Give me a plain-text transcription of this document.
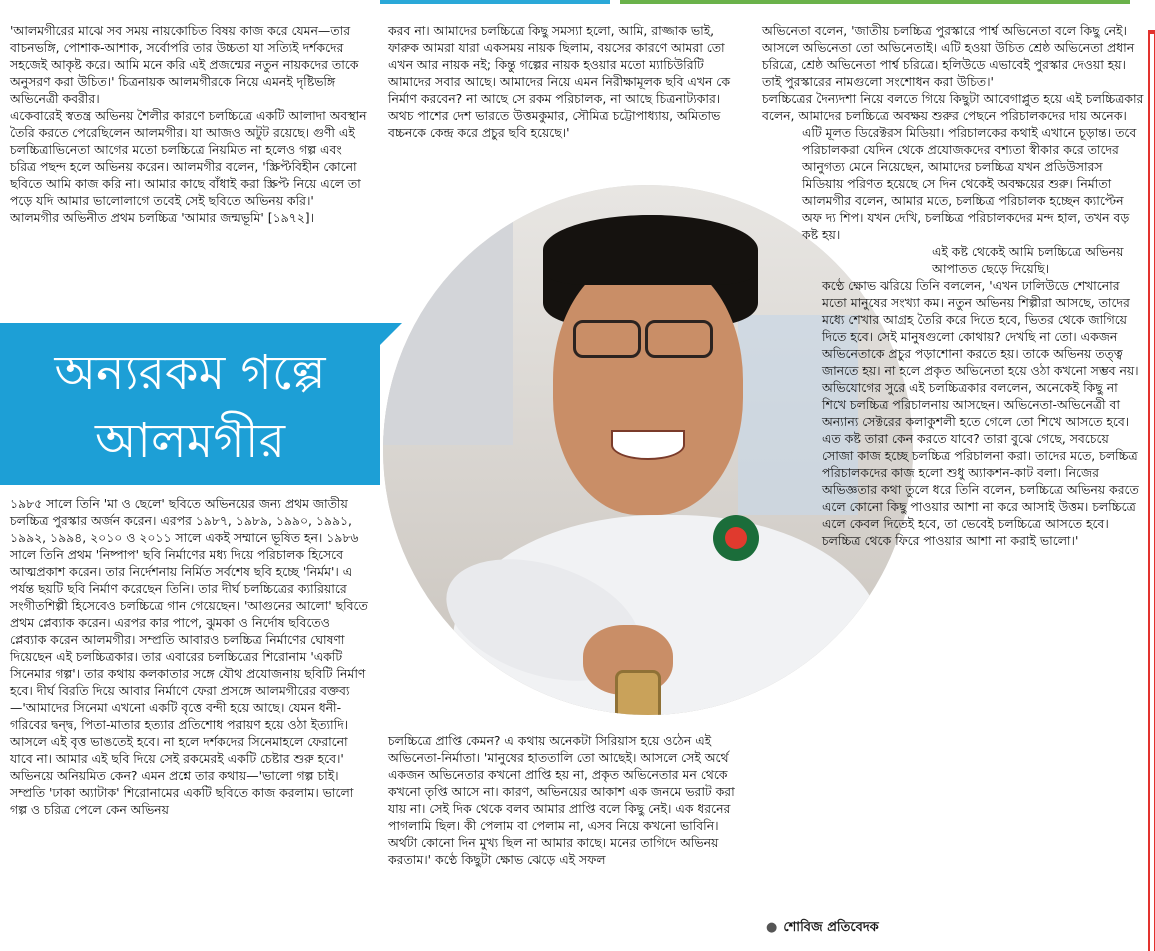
'আলমগীরের মাঝে সব সময় নায়কোচিত বিষয় কাজ করে যেমন—তার বাচনভঙ্গি, পোশাক-আশাক, সর্বোপরি তার উচ্চতা যা সত্যিই দর্শকদের সহজেই আকৃষ্ট করে। আমি মনে করি এই প্রজন্মের নতুন নায়কদের তাকে অনুসরণ করা উচিত।' চিত্রনায়ক আলমগীরকে নিয়ে এমনই দৃষ্টিভঙ্গি অভিনেত্রী কবরীর।

একেবারেই স্বতন্ত্র অভিনয় শৈলীর কারণে চলচ্চিত্রে একটি আলাদা অবস্থান তৈরি করতে পেরেছিলেন আলমগীর। যা আজও অটুট রয়েছে। গুণী এই চলচ্চিত্রাভিনেতা আগের মতো চলচ্চিত্রে নিয়মিত না হলেও গল্প এবং চরিত্র পছন্দ হলে অভিনয় করেন। আলমগীর বলেন, 'স্ক্রিপ্টবিহীন কোনো ছবিতে আমি কাজ করি না। আমার কাছে বাঁধাই করা স্ক্রিপ্ট নিয়ে এলে তা পড়ে যদি আমার ভালোলাগে তবেই সেই ছবিতে অভিনয় করি।'

আলমগীর অভিনীত প্রথম চলচ্চিত্র 'আমার জন্মভূমি' [১৯৭২]।

অন্যরকম গল্পে
আলমগীর

১৯৮৫ সালে তিনি 'মা ও ছেলে' ছবিতে অভিনয়ের জন্য প্রথম জাতীয় চলচ্চিত্র পুরস্কার অর্জন করেন। এরপর ১৯৮৭, ১৯৮৯, ১৯৯০, ১৯৯১, ১৯৯২, ১৯৯৪, ২০১০ ও ২০১১ সালে একই সম্মানে ভূষিত হন। ১৯৮৬ সালে তিনি প্রথম 'নিষ্পাপ' ছবি নির্মাণের মধ্য দিয়ে পরিচালক হিসেবে আত্মপ্রকাশ করেন। তার নির্দেশনায় নির্মিত সর্বশেষ ছবি হচ্ছে 'নির্মম'। এ পর্যন্ত ছয়টি ছবি নির্মাণ করেছেন তিনি। তার দীর্ঘ চলচ্চিত্রের ক্যারিয়ারে সংগীতশিল্পী হিসেবেও চলচ্চিত্রে গান গেয়েছেন। 'আগুনের আলো' ছবিতে প্রথম প্লেব্যাক করেন। এরপর কার পাপে, ঝুমকা ও নির্দোষ ছবিতেও প্লেব্যাক করেন আলমগীর। সম্প্রতি আবারও চলচ্চিত্র নির্মাণের ঘোষণা দিয়েছেন এই চলচ্চিত্রকার। তার এবারের চলচ্চিত্রের শিরোনাম 'একটি সিনেমার গল্প'। তার কথায় কলকাতার সঙ্গে যৌথ প্রযোজনায় ছবিটি নির্মাণ হবে। দীর্ঘ বিরতি দিয়ে আবার নির্মাণে ফেরা প্রসঙ্গে আলমগীরের বক্তব্য—'আমাদের সিনেমা এখনো একটি বৃত্তে বন্দী হয়ে আছে। যেমন ধনী-গরিবের দ্বন্দ্ব, পিতা-মাতার হত্যার প্রতিশোধ পরায়ণ হয়ে ওঠা ইত্যাদি। আসলে এই বৃত্ত ভাঙতেই হবে। না হলে দর্শকদের সিনেমাহলে ফেরানো যাবে না। আমার এই ছবি দিয়ে সেই রকমেরই একটি চেষ্টার শুরু হবে।' অভিনয়ে অনিয়মিত কেন? এমন প্রশ্নে তার কথায়—'ভালো গল্প চাই। সম্প্রতি 'ঢাকা অ্যাটাক' শিরোনামের একটি ছবিতে কাজ করলাম। ভালো গল্প ও চরিত্র পেলে কেন অভিনয়

করব না। আমাদের চলচ্চিত্রে কিছু সমস্যা হলো, আমি, রাজ্জাক ভাই, ফারুক আমরা যারা একসময় নায়ক ছিলাম, বয়সের কারণে আমরা তো এখন আর নায়ক নই; কিন্তু গল্পের নায়ক হওয়ার মতো ম্যাচিউরিটি আমাদের সবার আছে। আমাদের নিয়ে এমন নিরীক্ষামূলক ছবি এখন কে নির্মাণ করবেন? না আছে সে রকম পরিচালক, না আছে চিত্রনাট্যকার। অথচ পাশের দেশ ভারতে উত্তমকুমার, সৌমিত্র চট্টোপাধ্যায়, অমিতাভ বচ্চনকে কেন্দ্র করে প্রচুর ছবি হয়েছে।'

চলচ্চিত্রে প্রাপ্তি কেমন? এ কথায় অনেকটা সিরিয়াস হয়ে ওঠেন এই অভিনেতা-নির্মাতা। 'মানুষের হাততালি তো আছেই। আসলে সেই অর্থে একজন অভিনেতার কখনো প্রাপ্তি হয় না, প্রকৃত অভিনেতার মন থেকে কখনো তৃপ্তি আসে না। কারণ, অভিনয়ের আকাশ এক জনমে ভরাট করা যায় না। সেই দিক থেকে বলব আমার প্রাপ্তি বলে কিছু নেই। এক ধরনের পাগলামি ছিল। কী পেলাম বা পেলাম না, এসব নিয়ে কখনো ভাবিনি। অর্থটা কোনো দিন মুখ্য ছিল না আমার কাছে। মনের তাগিদে অভিনয় করতাম।' কণ্ঠে কিছুটা ক্ষোভ ঝেড়ে এই সফল

অভিনেতা বলেন, 'জাতীয় চলচ্চিত্র পুরস্কারে পার্শ্ব অভিনেতা বলে কিছু নেই। আসলে অভিনেতা তো অভিনেতাই। এটি হওয়া উচিত শ্রেষ্ঠ অভিনেতা প্রধান চরিত্রে, শ্রেষ্ঠ অভিনেতা পার্শ্ব চরিত্রে। হলিউডে এভাবেই পুরস্কার দেওয়া হয়। তাই পুরস্কারের নামগুলো সংশোধন করা উচিত।'

চলচ্চিত্রের দৈন্যদশা নিয়ে বলতে গিয়ে কিছুটা আবেগাপ্লুত হয়ে এই চলচ্চিত্রকার বলেন, আমাদের চলচ্চিত্রে অবক্ষয় শুরুর পেছনে পরিচালকদের দায় অনেক।

এটি মূলত ডিরেক্টরস মিডিয়া। পরিচালকের কথাই এখানে চূড়ান্ত। তবে পরিচালকরা যেদিন থেকে প্রযোজকদের বশ্যতা স্বীকার করে তাদের আনুগত্য মেনে নিয়েছেন, আমাদের চলচ্চিত্র যখন প্রডিউসারস মিডিয়ায় পরিণত হয়েছে সে দিন থেকেই অবক্ষয়ের শুরু। নির্মাতা আলমগীর বলেন, আমার মতে, চলচ্চিত্র পরিচালক হচ্ছেন ক্যাপ্টেন অফ দ্য শিপ। যখন দেখি, চলচ্চিত্র পরিচালকদের মন্দ হাল, তখন বড় কষ্ট হয়।

এই কষ্ট থেকেই আমি চলচ্চিত্রে অভিনয় আপাতত ছেড়ে দিয়েছি।

কণ্ঠে ক্ষোভ ঝরিয়ে তিনি বললেন, 'এখন ঢালিউডে শেখানোর মতো মানুষের সংখ্যা কম। নতুন অভিনয় শিল্পীরা আসছে, তাদের মধ্যে শেখার আগ্রহ তৈরি করে দিতে হবে, ভিতর থেকে জাগিয়ে দিতে হবে। সেই মানুষগুলো কোথায়? দেখছি না তো। একজন অভিনেতাকে প্রচুর পড়াশোনা করতে হয়। তাকে অভিনয় তত্ত্ব জানতে হয়। না হলে প্রকৃত অভিনেতা হয়ে ওঠা কখনো সম্ভব নয়। অভিযোগের সুরে এই চলচ্চিত্রকার বললেন, অনেকেই কিছু না শিখে চলচ্চিত্র পরিচালনায় আসছেন। অভিনেতা-অভিনেত্রী বা অন্যান্য সেক্টরের কলাকুশলী হতে গেলে তো শিখে আসতে হবে। এত কষ্ট তারা কেন করতে যাবে? তারা বুঝে গেছে, সবচেয়ে সোজা কাজ হচ্ছে চলচ্চিত্র পরিচালনা করা। তাদের মতে, চলচ্চিত্র পরিচালকদের কাজ হলো শুধু অ্যাকশন-কাট বলা। নিজের অভিজ্ঞতার কথা তুলে ধরে তিনি বলেন, চলচ্চিত্রে অভিনয় করতে এলে কোনো কিছু পাওয়ার আশা না করে আসাই উত্তম। চলচ্চিত্রে এলে কেবল দিতেই হবে, তা ভেবেই চলচ্চিত্রে আসতে হবে। চলচ্চিত্র থেকে ফিরে পাওয়ার আশা না করাই ভালো।'

● শোবিজ প্রতিবেদক
